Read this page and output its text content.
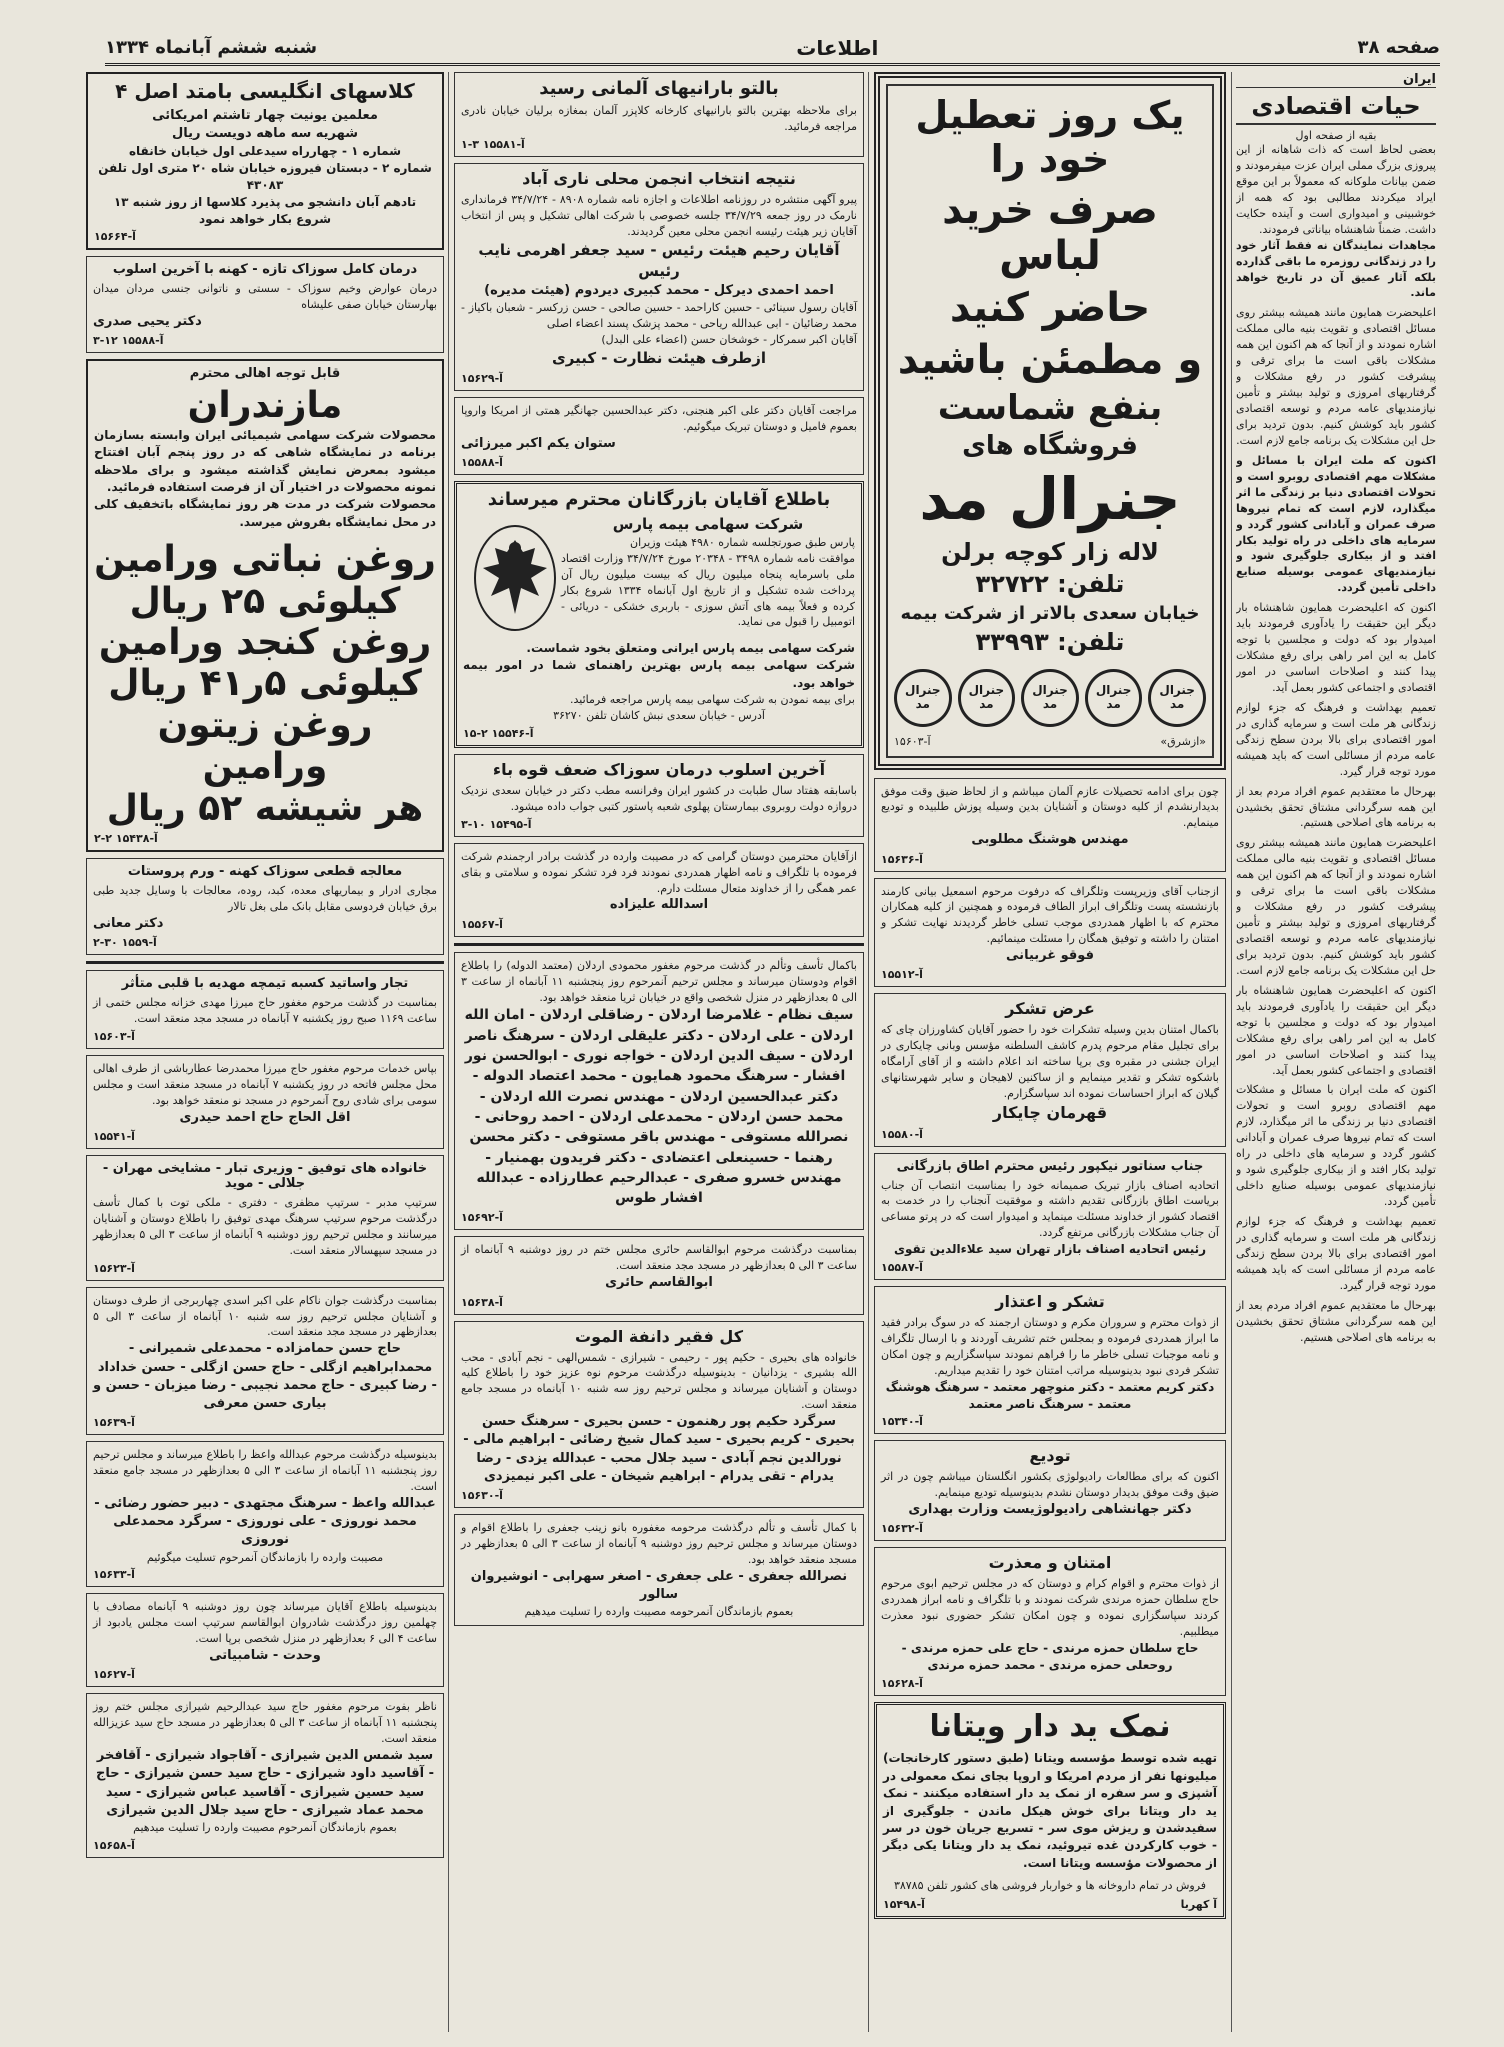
صفحه ۳۸
اطلاعات
شنبه ششم آبانماه ۱۳۳۴
ایران
حیات اقتصادی
بقیه از صفحه اول

بعضی لحاظ است که ذات شاهانه از این پیروزی بزرگ مملی ایران عزت میفرمودند و ضمن بیانات ملوکانه که معمولاً بر این موقع ایراد میکردند مطالبی بود که همه از خوشبینی و امیدواری است و آینده حکایت داشت. ضمناً شاهنشاه بیاناتی فرمودند.

مجاهدات نمایندگان نه فقط آثار خود را در زندگانی روزمره ما باقی گذارده بلکه آثار عمیق آن در تاریخ خواهد ماند.

اعلیحضرت همایون مانند همیشه بیشتر روی مسائل اقتصادی و تقویت بنیه مالی مملکت اشاره نمودند و از آنجا که هم اکنون این همه مشکلات باقی است ما برای ترقی و پیشرفت کشور در رفع مشکلات و گرفتاریهای امروزی و تولید بیشتر و تأمین نیازمندیهای عامه مردم و توسعه اقتصادی کشور باید کوشش کنیم. بدون تردید برای حل این مشکلات یک برنامه جامع لازم است.

اکنون که ملت ایران با مسائل و مشکلات مهم اقتصادی روبرو است و تحولات اقتصادی دنیا بر زندگی ما اثر میگذارد، لازم است که تمام نیروها صرف عمران و آبادانی کشور گردد و سرمایه های داخلی در راه تولید بکار افتد و از بیکاری جلوگیری شود و نیازمندیهای عمومی بوسیله صنایع داخلی تأمین گردد.

اکنون که اعلیحضرت همایون شاهنشاه بار دیگر این حقیقت را یادآوری فرمودند باید امیدوار بود که دولت و مجلسین با توجه کامل به این امر راهی برای رفع مشکلات پیدا کنند و اصلاحات اساسی در امور اقتصادی و اجتماعی کشور بعمل آید.

تعمیم بهداشت و فرهنگ که جزء لوازم زندگانی هر ملت است و سرمایه گذاری در امور اقتصادی برای بالا بردن سطح زندگی عامه مردم از مسائلی است که باید همیشه مورد توجه قرار گیرد.

بهرحال ما معتقدیم عموم افراد مردم بعد از این همه سرگردانی مشتاق تحقق بخشیدن به برنامه های اصلاحی هستیم.

اعلیحضرت همایون مانند همیشه بیشتر روی مسائل اقتصادی و تقویت بنیه مالی مملکت اشاره نمودند و از آنجا که هم اکنون این همه مشکلات باقی است ما برای ترقی و پیشرفت کشور در رفع مشکلات و گرفتاریهای امروزی و تولید بیشتر و تأمین نیازمندیهای عامه مردم و توسعه اقتصادی کشور باید کوشش کنیم. بدون تردید برای حل این مشکلات یک برنامه جامع لازم است.

اکنون که اعلیحضرت همایون شاهنشاه بار دیگر این حقیقت را یادآوری فرمودند باید امیدوار بود که دولت و مجلسین با توجه کامل به این امر راهی برای رفع مشکلات پیدا کنند و اصلاحات اساسی در امور اقتصادی و اجتماعی کشور بعمل آید.

اکنون که ملت ایران با مسائل و مشکلات مهم اقتصادی روبرو است و تحولات اقتصادی دنیا بر زندگی ما اثر میگذارد، لازم است که تمام نیروها صرف عمران و آبادانی کشور گردد و سرمایه های داخلی در راه تولید بکار افتد و از بیکاری جلوگیری شود و نیازمندیهای عمومی بوسیله صنایع داخلی تأمین گردد.

تعمیم بهداشت و فرهنگ که جزء لوازم زندگانی هر ملت است و سرمایه گذاری در امور اقتصادی برای بالا بردن سطح زندگی عامه مردم از مسائلی است که باید همیشه مورد توجه قرار گیرد.

بهرحال ما معتقدیم عموم افراد مردم بعد از این همه سرگردانی مشتاق تحقق بخشیدن به برنامه های اصلاحی هستیم.

یک روز تعطیل خود را
صرف خرید لباس
حاضر کنید
و مطمئن باشید
بنفع شماست
فروشگاه های
جنرال مد
لاله زار کوچه برلن
تلفن: ۳۲۷۲۲
خیابان سعدی بالاتر از شرکت بیمه
تلفن: ۳۳۹۹۳
جنرال مد
جنرال مد
جنرال مد
جنرال مد
جنرال مد
«ازشرق»
آ-۱۵۶۰۳

چون برای ادامه تحصیلات عازم آلمان میباشم و از لحاظ ضیق وقت موفق بدیدارنشدم از کلیه دوستان و آشنایان بدین وسیله پوزش طلبیده و تودیع مینمایم.

مهندس هوشنگ مطلوبی
آ-۱۵۶۳۶

ازجناب آقای وزیرپست وتلگراف که درفوت مرحوم اسمعیل بیانی کارمند بازنشسته پست وتلگراف ابراز الطاف فرموده و همچنین از کلیه همکاران محترم که با اظهار همدردی موجب تسلی خاطر گردیدند نهایت تشکر و امتنان را داشته و توفیق همگان را مسئلت مینمائیم.

فوقو غربیانی
آ-۱۵۵۱۲
عرض تشکر

باکمال امتنان بدین وسیله تشکرات خود را حضور آقایان کشاورزان چای که برای تجلیل مقام مرحوم پدرم کاشف السلطنه مؤسس وبانی چایکاری در ایران جشنی در مقبره وی برپا ساخته اند اعلام داشته و از آقای آرامگاه باشکوه تشکر و تقدیر مینمایم و از ساکنین لاهیجان و سایر شهرستانهای گیلان که ابراز احساسات نموده اند سپاسگزارم.

قهرمان چایکار
آ-۱۵۵۸۰
جناب سناتور نیکپور رئیس محترم اطاق بازرگانی

اتحادیه اصناف بازار تبریک صمیمانه خود را بمناسبت انتصاب آن جناب بریاست اطاق بازرگانی تقدیم داشته و موفقیت آنجناب را در خدمت به اقتصاد کشور از خداوند مسئلت مینماید و امیدوار است که در پرتو مساعی آن جناب مشکلات بازرگانی مرتفع گردد.

رئیس اتحادیه اصناف بازار تهران سید علاءالدین تقوی
آ-۱۵۵۸۷
تشکر و اعتذار

از ذوات محترم و سروران مکرم و دوستان ارجمند که در سوگ برادر فقید ما ابراز همدردی فرموده و بمجلس ختم تشریف آوردند و با ارسال تلگراف و نامه موجبات تسلی خاطر ما را فراهم نمودند سپاسگزاریم و چون امکان تشکر فردی نبود بدینوسیله مراتب امتنان خود را تقدیم میداریم.

دکتر کریم معتمد - دکتر منوچهر معتمد - سرهنگ هوشنگ معتمد - سرهنگ ناصر معتمد
آ-۱۵۳۴۰
تودیع

اکنون که برای مطالعات رادیولوژی بکشور انگلستان میباشم چون در اثر ضیق وقت موفق بدیدار دوستان نشدم بدینوسیله تودیع مینمایم.

دکتر جهانشاهی رادیولوژیست وزارت بهداری
آ-۱۵۶۳۲
امتنان و معذرت

از ذوات محترم و اقوام کرام و دوستان که در مجلس ترحیم ابوی مرحوم حاج سلطان حمزه مرندی شرکت نمودند و با تلگراف و نامه ابراز همدردی کردند سپاسگزاری نموده و چون امکان تشکر حضوری نبود معذرت میطلبیم.

حاج سلطان حمزه مرندی - حاج علی حمزه مرندی - روحعلی حمزه مرندی - محمد حمزه مرندی
آ-۱۵۶۲۸
نمک ید دار ویتانا

تهیه شده توسط مؤسسه ویتانا (طبق دستور کارخانجات) میلیونها نفر از مردم امریکا و اروپا بجای نمک معمولی در آشپزی و سر سفره از نمک ید دار استفاده میکنند - نمک ید دار ویتانا برای خوش هیکل ماندن - جلوگیری از سفیدشدن و ریزش موی سر - تسریع جریان خون در سر - خوب کارکردن غده تیروئید، نمک ید دار ویتانا یکی دیگر از محصولات مؤسسه ویتانا است.

فروش در تمام داروخانه ها و خواربار فروشی های کشور تلفن ۳۸۷۸۵

آ کهربا
آ-۱۵۴۹۸
بالتو بارانیهای آلمانی رسید

برای ملاحظه بهترین بالتو بارانیهای کارخانه کلاپزر آلمان بمغازه برلیان خیابان نادری مراجعه فرمائید.

آ-۱۵۵۸۱ ۳-۱
نتیجه انتخاب انجمن محلی ناری آباد

پیرو آگهی منتشره در روزنامه اطلاعات و اجازه نامه شماره ۸۹۰۸ - ۳۴/۷/۲۴ فرمانداری نارمک در روز جمعه ۳۴/۷/۲۹ جلسه خصوصی با شرکت اهالی تشکیل و پس از انتخاب آقایان زیر هیئت رئیسه انجمن محلی معین گردیدند.

آقایان رحیم هیئت رئیس - سید جعفر اهرمی نایب رئیس
احمد احمدی دیرکل - محمد کبیری دیردوم (هیئت مدیره)

آقایان رسول سینائی - حسین کاراحمد - حسین صالحی - حسن زرکسر - شعبان باکیاز - محمد رضائیان - ابی عبدالله ریاحی - محمد پزشک پسند اعضاء اصلی

آقایان اکبر سمرکار - خوشخان حسن (اعضاء علی البدل)

ازطرف هیئت نظارت - کبیری
آ-۱۵۶۲۹

مراجعت آقایان دکتر علی اکبر هنجنی، دکتر عبدالحسین جهانگیر همتی از امریکا واروپا بعموم فامیل و دوستان تبریک میگوئیم.

ستوان یکم اکبر میرزائی
آ-۱۵۵۸۸
باطلاع آقایان بازرگانان محترم میرساند
شرکت سهامی بیمه پارس

پارس طبق صورتجلسه شماره ۴۹۸۰ هیئت وزیران

موافقت نامه شماره ۳۴۹۸ - ۲۰۳۴۸ مورخ ۳۴/۷/۲۴ وزارت اقتصاد ملی باسرمایه پنجاه میلیون ریال که بیست میلیون ریال آن پرداخت شده تشکیل و از تاریخ اول آبانماه ۱۳۳۴ شروع بکار کرده و فعلاً بیمه های آتش سوزی - باربری خشکی - دریائی - اتومبیل را قبول می نماید.

شرکت سهامی بیمه پارس ایرانی ومتعلق بخود شماست.

شرکت سهامی بیمه پارس بهترین راهنمای شما در امور بیمه خواهد بود.

برای بیمه نمودن به شرکت سهامی بیمه پارس مراجعه فرمائید.

آدرس - خیابان سعدی نبش کاشان تلفن ۳۶۲۷۰

آ-۱۵۵۴۶ ۲-۱۵
آخرین اسلوب درمان سوزاک ضعف قوه باء

باسابقه هفتاد سال طبابت در کشور ایران وفرانسه مطب دکتر در خیابان سعدی نزدیک دروازه دولت روبروی بیمارستان پهلوی شعبه پاستور کتبی جواب داده میشود.

آ-۱۵۴۹۵ ۱۰-۳

ازآقایان محترمین دوستان گرامی که در مصیبت وارده در گذشت برادر ارجمندم شرکت فرموده با تلگراف و نامه اظهار همدردی نمودند فرد فرد تشکر نموده و سلامتی و بقای عمر همگی را از خداوند متعال مسئلت دارم.

اسدالله علیزاده
آ-۱۵۵۶۷

باکمال تأسف وتألم در گذشت مرحوم مغفور محمودی اردلان (معتمد الدوله) را باطلاع اقوام ودوستان میرساند و مجلس ترحیم آنمرحوم روز پنجشنبه ۱۱ آبانماه از ساعت ۳ الی ۵ بعدازظهر در منزل شخصی واقع در خیابان ثریا منعقد خواهد بود.

سیف نظام - غلامرضا اردلان - رضاقلی اردلان - امان الله اردلان - علی اردلان - دکتر علیقلی اردلان - سرهنگ ناصر اردلان - سیف الدین اردلان - خواجه نوری - ابوالحسن نور افشار - سرهنگ محمود همایون - محمد اعتصاد الدوله - دکتر عبدالحسین اردلان - مهندس نصرت الله اردلان - محمد حسن اردلان - محمدعلی اردلان - احمد روحانی - نصرالله مستوفی - مهندس باقر مستوفی - دکتر محسن رهنما - حسینعلی اعتضادی - دکتر فریدون بهمنیار - مهندس خسرو صفری - عبدالرحیم عطارزاده - عبدالله افشار طوس
آ-۱۵۶۹۲

بمناسبت درگذشت مرحوم ابوالقاسم حائری مجلس ختم در روز دوشنبه ۹ آبانماه از ساعت ۳ الی ۵ بعدازظهر در مسجد مجد منعقد است.

ابوالقاسم حائری
آ-۱۵۶۳۸
کل فقیر دانفة الموت

خانواده های بحیری - حکیم پور - رحیمی - شیرازی - شمس‌الهی - نجم آبادی - محب الله بشیری - یزدانیان - بدینوسیله درگذشت مرحوم نوه عزیز خود را باطلاع کلیه دوستان و آشنایان میرساند و مجلس ترحیم روز سه شنبه ۱۰ آبانماه در مسجد جامع منعقد است.

سرگرد حکیم پور رهنمون - حسن بحیری - سرهنگ حسن بحیری - کریم بحیری - سید کمال شیخ رضائی - ابراهیم مالی - نورالدین نجم آبادی - سید جلال محب - عبدالله یزدی - رضا یدرام - تقی یدرام - ابراهیم شیخان - علی اکبر نیمیزدی
آ-۱۵۶۳۰

با کمال تأسف و تألم درگذشت مرحومه مغفوره بانو زینب جعفری را باطلاع اقوام و دوستان میرساند و مجلس ترحیم روز دوشنبه ۹ آبانماه از ساعت ۳ الی ۵ بعدازظهر در مسجد منعقد خواهد بود.

نصرالله جعفری - علی جعفری - اصغر سهرابی - انوشیروان سالور

بعموم بازماندگان آنمرحومه مصیبت وارده را تسلیت میدهیم

کلاسهای انگلیسی بامتد اصل ۴
معلمین یونیت چهار تاشتم امریکائی
شهریه سه ماهه دویست ریال
شماره ۱ - چهارراه سیدعلی اول خیابان خانقاه
شماره ۲ - دبستان فیروزه خیابان شاه ۲۰ متری اول تلفن ۴۳۰۸۳
تادهم آبان دانشجو می پذیرد کلاسها از روز شنبه ۱۳
شروع بکار خواهد نمود
آ-۱۵۶۶۴
درمان کامل سوزاک تازه - کهنه با آخرین اسلوب

درمان عوارض وخیم سوزاک - سستی و ناتوانی جنسی مردان میدان بهارستان خیابان صفی علیشاه

دکتر یحیی صدری
آ-۱۵۵۸۸ ۱۲-۳
قابل توجه اهالی محترم
مازندران

محصولات شرکت سهامی شیمیائی ایران وابسته بسازمان برنامه در نمایشگاه شاهی که در روز پنجم آبان افتتاح میشود بمعرض نمایش گذاشته میشود و برای ملاحظه نمونه محصولات در اختیار آن از فرصت استفاده فرمائید.

محصولات شرکت در مدت هر روز نمایشگاه باتخفیف کلی در محل نمایشگاه بفروش میرسد.

روغن نباتی ورامین
کیلوئی ۲۵ ریال
روغن کنجد ورامین
کیلوئی ۵ر۴۱ ریال
روغن زیتون ورامین
هر شیشه ۵۲ ریال
آ-۱۵۴۳۸ ۲-۲
معالجه قطعی سوزاک کهنه - ورم پروستات

مجاری ادرار و بیماریهای معده، کبد، روده، معالجات با وسایل جدید طبی برق خیابان فردوسی مقابل بانک ملی بغل تالار

دکتر معانی
آ-۱۵۵۹ ۳۰-۲
تجار واساتید کسبه تیمچه مهدیه با قلبی متأثر

بمناسبت در گذشت مرحوم مغفور حاج میرزا مهدی خزانه مجلس ختمی از ساعت ۱۱۶۹ صبح روز یکشنبه ۷ آبانماه در مسجد مجد منعقد است.

آ-۱۵۶۰۳

بپاس خدمات مرحوم مغفور حاج میرزا محمدرضا عطارباشی از طرف اهالی محل مجلس فاتحه در روز یکشنبه ۷ آبانماه در مسجد منعقد است و مجلس سومی برای شادی روح آنمرحوم در مسجد نو منعقد خواهد بود.

اقل الحاج حاج احمد حیدری
آ-۱۵۵۴۱
خانواده های توفیق - وزیری تبار - مشایخی مهران - جلالی - موید

سرتیپ مدبر - سرتیپ مظفری - دفتری - ملکی توت با کمال تأسف درگذشت مرحوم سرتیپ سرهنگ مهدی توفیق را باطلاع دوستان و آشنایان میرسانند و مجلس ترحیم روز دوشنبه ۹ آبانماه از ساعت ۳ الی ۵ بعدازظهر در مسجد سپهسالار منعقد است.

آ-۱۵۶۲۳

بمناسبت درگذشت جوان ناکام علی اکبر اسدی چهاربرجی از طرف دوستان و آشنایان مجلس ترحیم روز سه شنبه ۱۰ آبانماه از ساعت ۳ الی ۵ بعدازظهر در مسجد مجد منعقد است.

حاج حسن حمامزاده - محمدعلی شمیرانی - محمدابراهیم ازگلی - حاج حسن ازگلی - حسن خداداد - رضا کبیری - حاج محمد نجیبی - رضا میزبان - حسن و بیاری حسن معرفی
آ-۱۵۶۳۹

بدینوسیله درگذشت مرحوم عبدالله واعظ را باطلاع میرساند و مجلس ترحیم روز پنجشنبه ۱۱ آبانماه از ساعت ۳ الی ۵ بعدازظهر در مسجد جامع منعقد است.

عبدالله واعظ - سرهنگ مجتهدی - دبیر حضور رضائی - محمد نوروزی - علی نوروزی - سرگرد محمدعلی نوروزی

مصیبت وارده را بازماندگان آنمرحوم تسلیت میگوئیم

آ-۱۵۶۳۳

بدینوسیله باطلاع آقایان میرساند چون روز دوشنبه ۹ آبانماه مصادف با چهلمین روز درگذشت شادروان ابوالقاسم سرتیپ است مجلس یادبود از ساعت ۴ الی ۶ بعدازظهر در منزل شخصی برپا است.

وحدت - شامبیاتی
آ-۱۵۶۲۷

ناظر بفوت مرحوم مغفور حاج سید عبدالرحیم شیرازی مجلس ختم روز پنجشنبه ۱۱ آبانماه از ساعت ۳ الی ۵ بعدازظهر در مسجد حاج سید عزیزالله منعقد است.

سید شمس الدین شیرازی - آقاجواد شیرازی - آقافخر - آقاسید داود شیرازی - حاج سید حسن شیرازی - حاج سید حسین شیرازی - آقاسید عباس شیرازی - سید محمد عماد شیرازی - حاج سید جلال الدین شیرازی

بعموم بازماندگان آنمرحوم مصیبت وارده را تسلیت میدهیم

آ-۱۵۶۵۸
